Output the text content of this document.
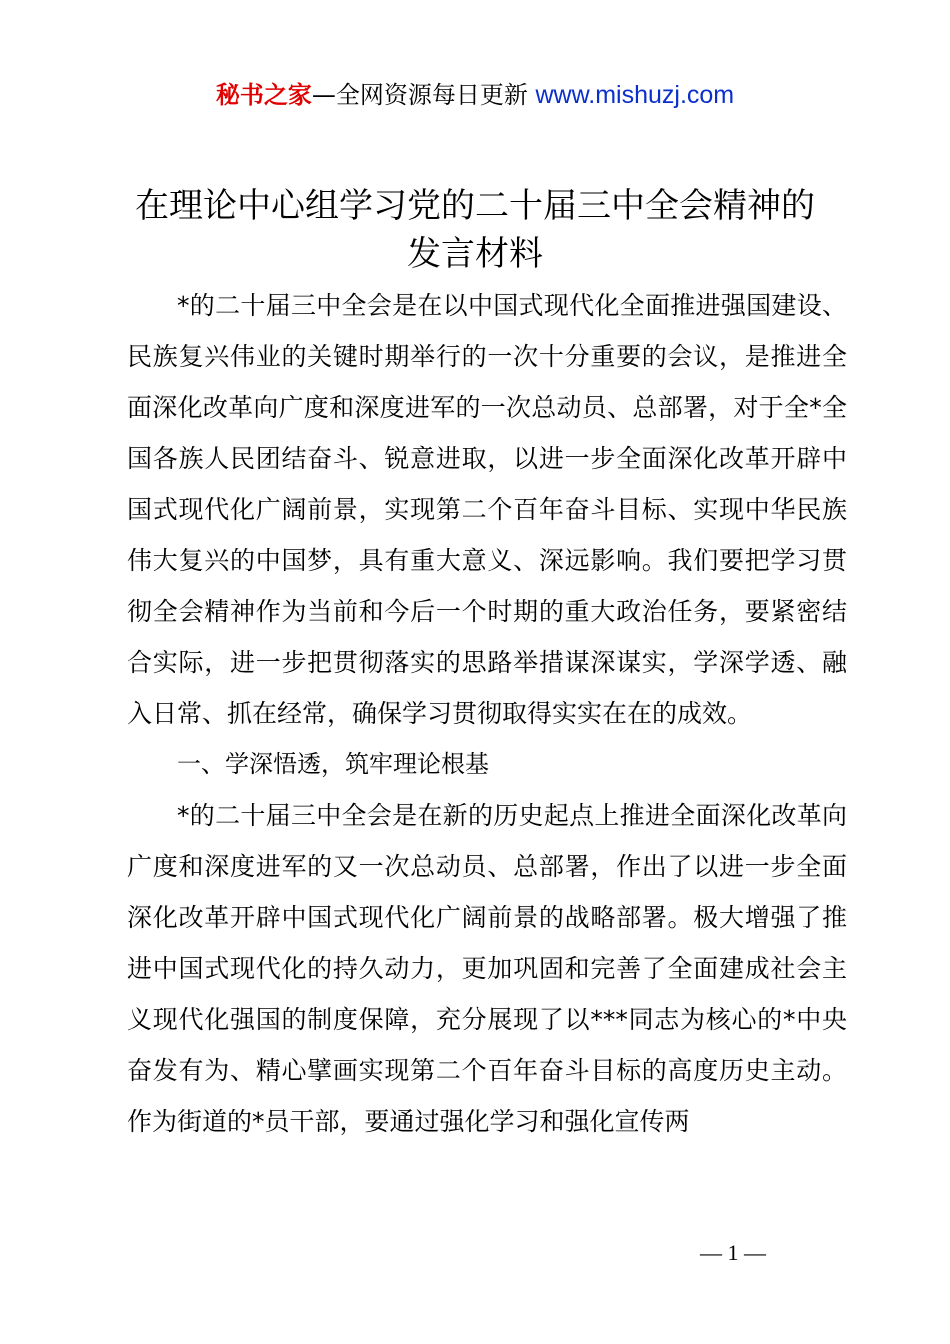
秘书之家—全网资源每日更新 www.mishuzj.com
在理论中心组学习党的二十届三中全会精神的
发言材料

*的二十届三中全会是在以中国式现代化全面推进强国建设、民族复兴伟业的关键时期举行的一次十分重要的会议，是推进全面深化改革向广度和深度进军的一次总动员、总部署，对于全*全国各族人民团结奋斗、锐意进取，以进一步全面深化改革开辟中国式现代化广阔前景，实现第二个百年奋斗目标、实现中华民族伟大复兴的中国梦，具有重大意义、深远影响。我们要把学习贯彻全会精神作为当前和今后一个时期的重大政治任务，要紧密结合实际，进一步把贯彻落实的思路举措谋深谋实，学深学透、融入日常、抓在经常，确保学习贯彻取得实实在在的成效。

一、学深悟透，筑牢理论根基

*的二十届三中全会是在新的历史起点上推进全面深化改革向广度和深度进军的又一次总动员、总部署，作出了以进一步全面深化改革开辟中国式现代化广阔前景的战略部署。极大增强了推进中国式现代化的持久动力，更加巩固和完善了全面建成社会主义现代化强国的制度保障，充分展现了以***同志为核心的*中央奋发有为、精心擘画实现第二个百年奋斗目标的高度历史主动。作为街道的*员干部，要通过强化学习和强化宣传两

— 1 —
